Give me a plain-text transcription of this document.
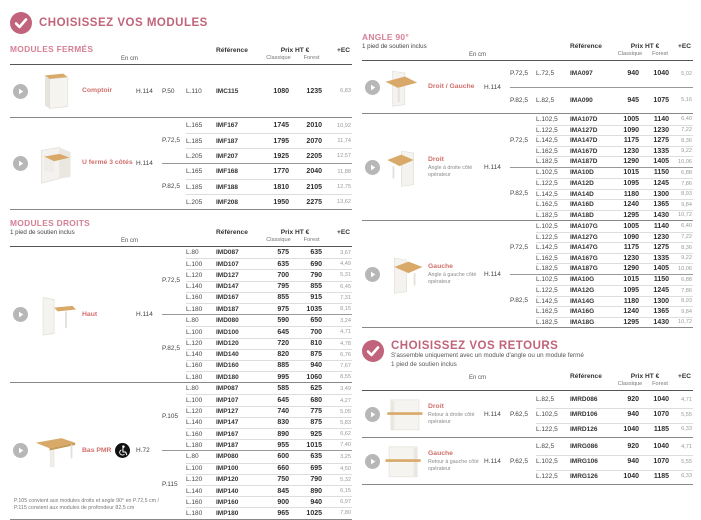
CHOISISSEZ VOS MODULES
MODULES FERMÉS
En cm
Référence	Prix HT €	+EC
Classique	Forest
Comptoir	H.114	P.50	L.110	IMC115	1080	1235	6,83
U fermé 3 côtés H.114
P.72,5
L.165	IMF167	1745	2010	10,92
L.185	IMF187	1795	2070	11,74
L.205	IMF207	1925	2205	12,57
P.82,5
L.165	IMF168	1770	2040	11,88
L.185	IMF188	1810	2105	12,75
L.205	IMF208	1950	2275	13,62
MODULES DROITS
1 pied de soutien inclus
En cm
Référence	Prix HT €	+EC
Classique	Forest
Haut	H.114
P.72,5
L.80	IMD087	575	635	3,67
L.100	IMD107	635	690	4,49
L.120	IMD127	700	790	5,31
L.140	IMD147	795	855	6,45
L.160	IMD167	855	915	7,31
L.180	IMD187	975	1035	8,15
P.82,5
L.80	IMD080	590	650	3,24
L.100	IMD100	645	700	4,71
L.120	IMD120	720	810	4,78
L.140	IMD140	820	875	6,76
L.160	IMD160	885	940	7,67
L.180	IMD180	995	1060	8,55
Bas PMR	H.72
P.105
L.80	IMP087	585	625	3,49
L.100	IMP107	645	680	4,27
L.120	IMP127	740	775	5,05
L.140	IMP147	830	875	5,83
L.160	IMP167	890	925	6,62
L.180	IMP187	955	1015	7,40
P.115
L.80	IMP080	600	635	3,25
L.100	IMP100	660	695	4,50
L.120	IMP120	750	790	5,32
L.140	IMP140	845	890	6,15
L.160	IMP160	900	940	6,97
L.180	IMP180	965	1025	7,80
P.105 convient aux modules droits et angle 90° en P.72,5 cm / P.115 convient aux modules de profondeur 82,5 cm
ANGLE 90°
1 pied de soutien inclus
En cm
Référence	Prix HT €	+EC
Classique	Forest
Droit / Gauche H.114
P.72,5	L.72,5	IMA097	940	1040	5,02
P.82,5	L.82,5	IMA090	945	1075	5,16
Droit
Angle à droite côté opérateur
H.114
P.72,5
L.102,5	IMA107D	1005	1140	6,40
L.122,5	IMA127D	1090	1230	7,22
L.142,5	IMA147D	1175	1275	8,36
L.162,5	IMA167D	1230	1335	9,22
L.182,5	IMA187D	1290	1405	10,06
P.82,5
L.102,5	IMA10D	1015	1150	6,88
L.122,5	IMA12D	1095	1245	7,86
L.142,5	IMA14D	1180	1300	8,93
L.162,5	IMA16D	1240	1365	9,84
L.182,5	IMA18D	1295	1430	10,72
Gauche
Angle à gauche côté opérateur
H.114
P.72,5
L.102,5	IMA107G	1005	1140	6,40
L.122,5	IMA127G	1090	1230	7,22
L.142,5	IMA147G	1175	1275	8,36
L.162,5	IMA167G	1230	1335	9,22
L.182,5	IMA187G	1290	1405	10,06
P.82,5
L.102,5	IMA10G	1015	1150	6,88
L.122,5	IMA12G	1095	1245	7,86
L.142,5	IMA14G	1180	1300	8,93
L.162,5	IMA16G	1240	1365	9,84
L.182,5	IMA18G	1295	1430	10,72
CHOISISSEZ VOS RETOURS
S'assemble uniquement avec un module d'angle ou un module fermé
1 pied de soutien inclus
En cm	Référence	Prix HT €	+EC
Classique	Forest
Droit
Retour à droite côté opérateur
H.114	P.62,5
L.82,5	IMRD086	920	1040	4,71
L.102,5	IMRD106	940	1070	5,55
L.122,5	IMRD126	1040	1185	6,33
Gauche
Retour à gauche côté opérateur
H.114	P.62,5
L.82,5	IMRG086	920	1040	4,71
L.102,5	IMRG106	940	1070	5,55
L.122,5	IMRG126	1040	1185	6,33
